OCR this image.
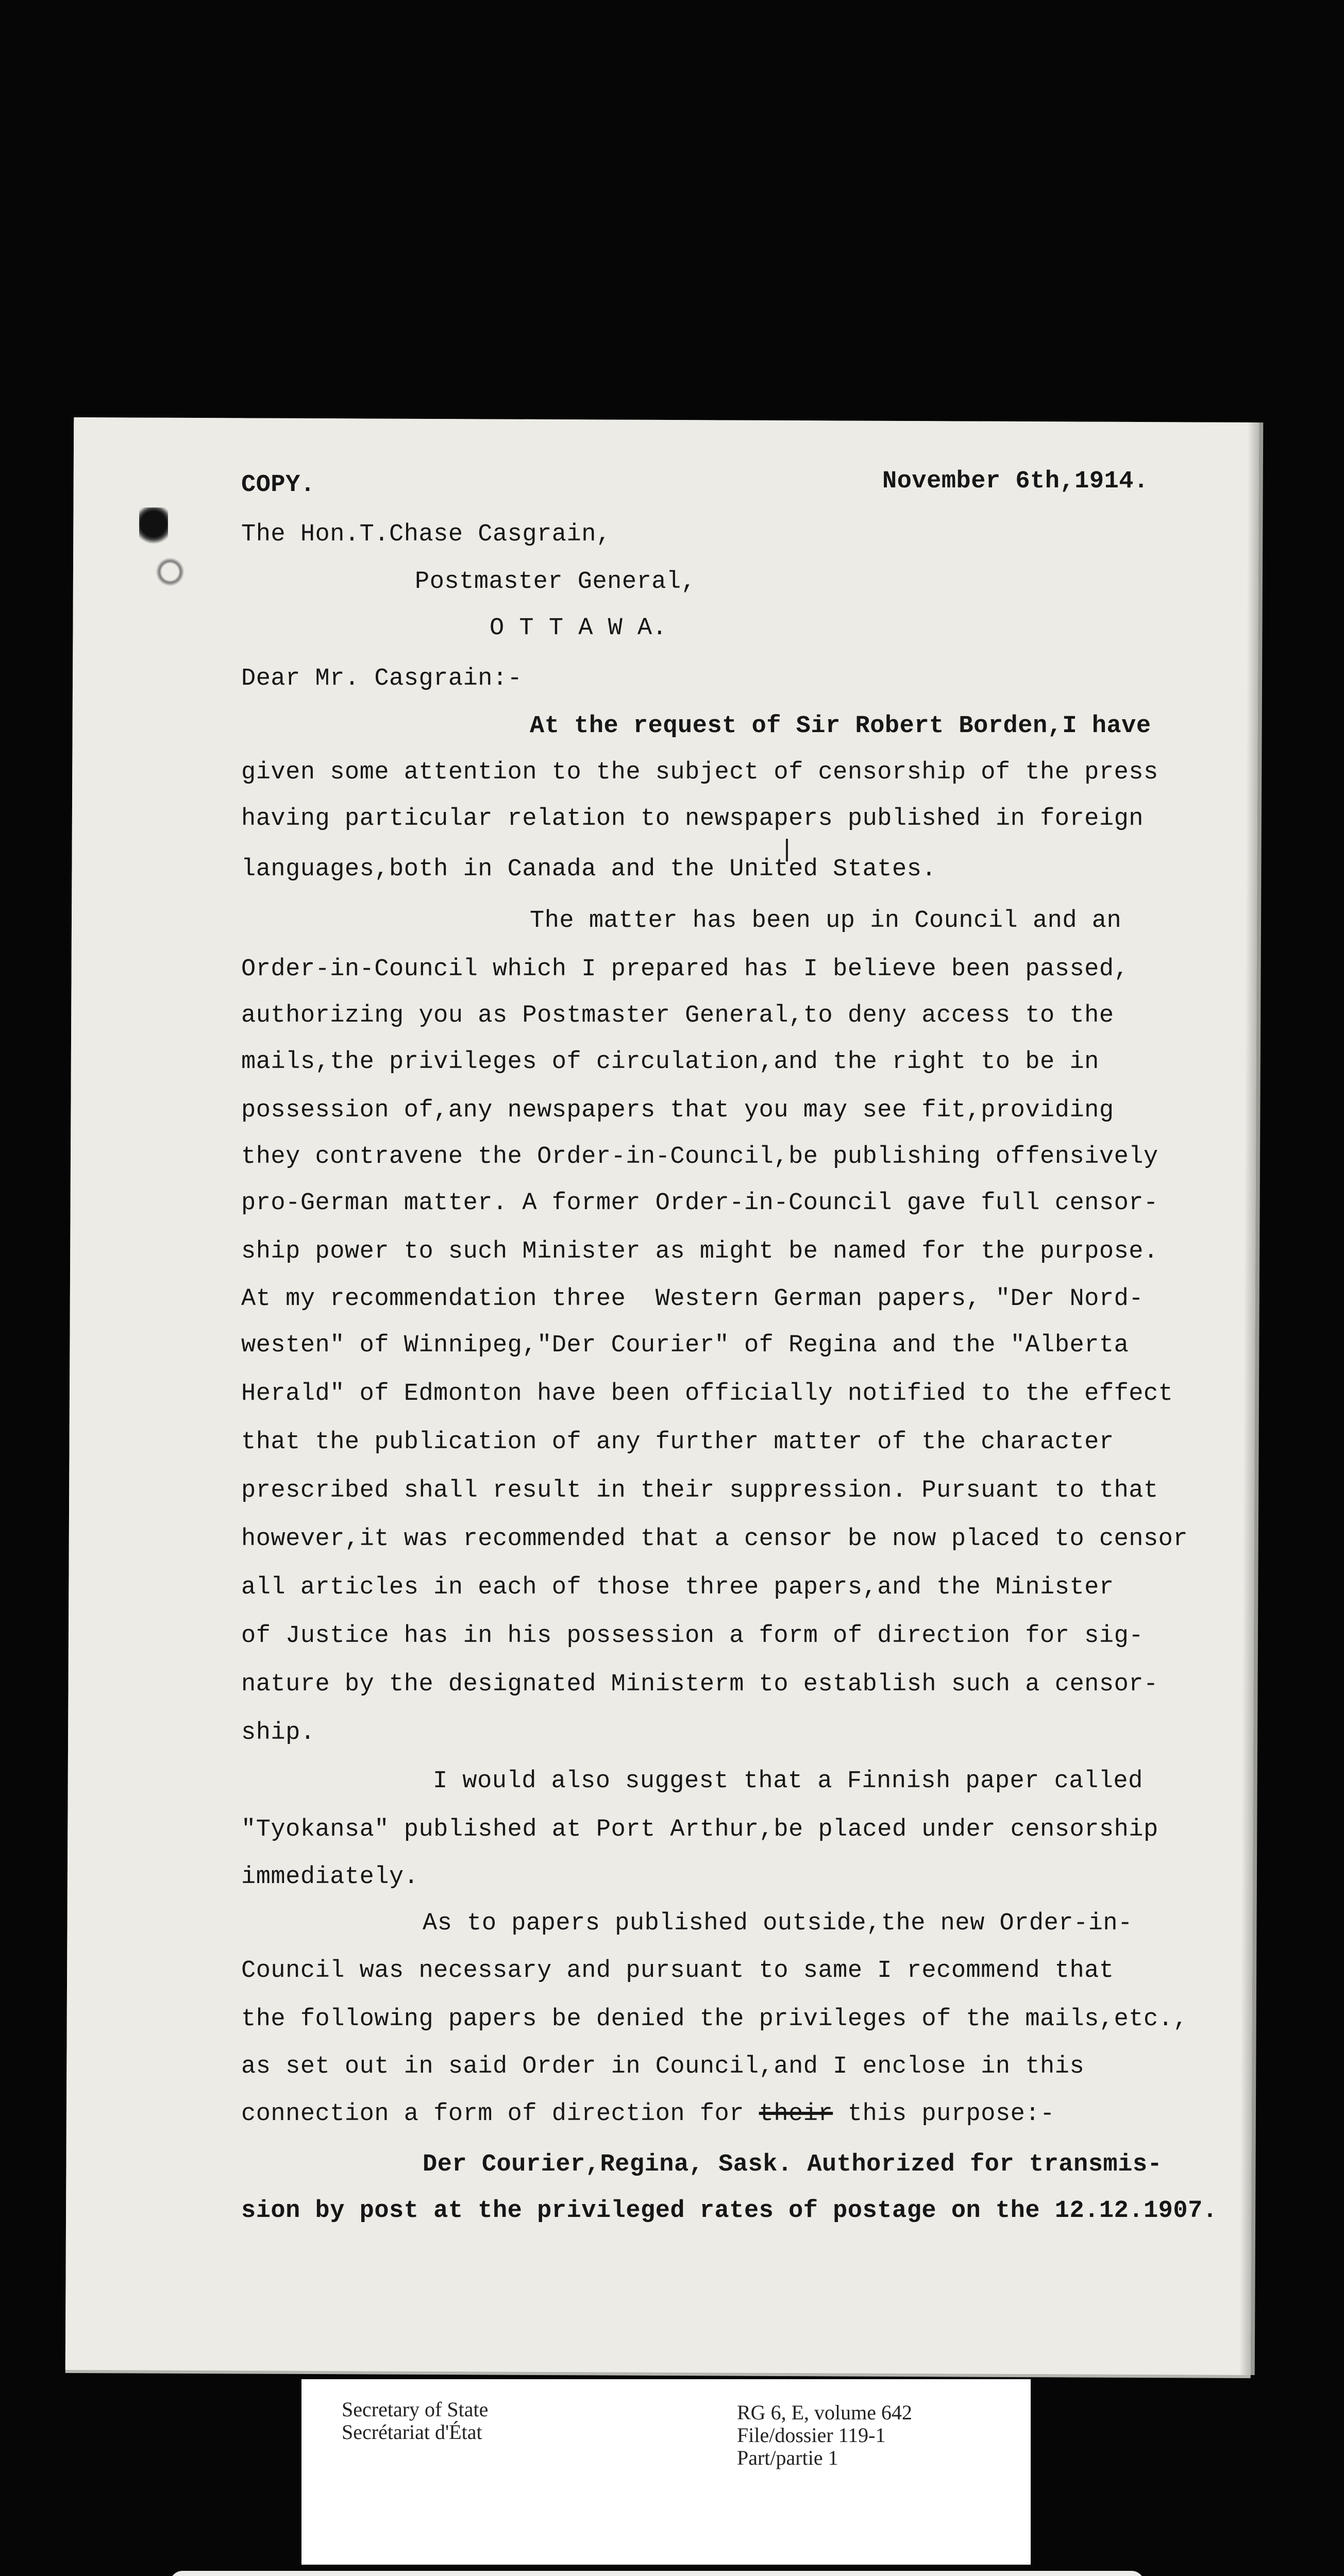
COPY.	November 6th,1914.
The Hon.T.Chase Casgrain,
Postmaster General,
O T T A W A.
Dear Mr. Casgrain:-
At the request of Sir Robert Borden,I have
given some attention to the subject of censorship of the press
having particular relation to newspapers published in foreign
languages,both in Canada and the United States.
The matter has been up in Council and an
Order-in-Council which I prepared has I believe been passed,
authorizing you as Postmaster General,to deny access to the
mails,the privileges of circulation,and the right to be in
possession of,any newspapers that you may see fit,providing
they contravene the Order-in-Council,be publishing offensively
pro-German matter. A former Order-in-Council gave full censor-
ship power to such Minister as might be named for the purpose.
At my recommendation three  Western German papers, "Der Nord-
westen" of Winnipeg,"Der Courier" of Regina and the "Alberta
Herald" of Edmonton have been officially notified to the effect
that the publication of any further matter of the character
prescribed shall result in their suppression. Pursuant to that
however,it was recommended that a censor be now placed to censor
all articles in each of those three papers,and the Minister
of Justice has in his possession a form of direction for sig-
nature by the designated Ministerm to establish such a censor-
ship.
I would also suggest that a Finnish paper called
"Tyokansa" published at Port Arthur,be placed under censorship
immediately.
As to papers published outside,the new Order-in-
Council was necessary and pursuant to same I recommend that
the following papers be denied the privileges of the mails,etc.,
as set out in said Order in Council,and I enclose in this
connection a form of direction for their this purpose:-
Der Courier,Regina, Sask. Authorized for transmis-
sion by post at the privileged rates of postage on the 12.12.1907.
Secretary of State
Secrétariat d'État
RG 6, E, volume 642
File/dossier 119-1
Part/partie 1
